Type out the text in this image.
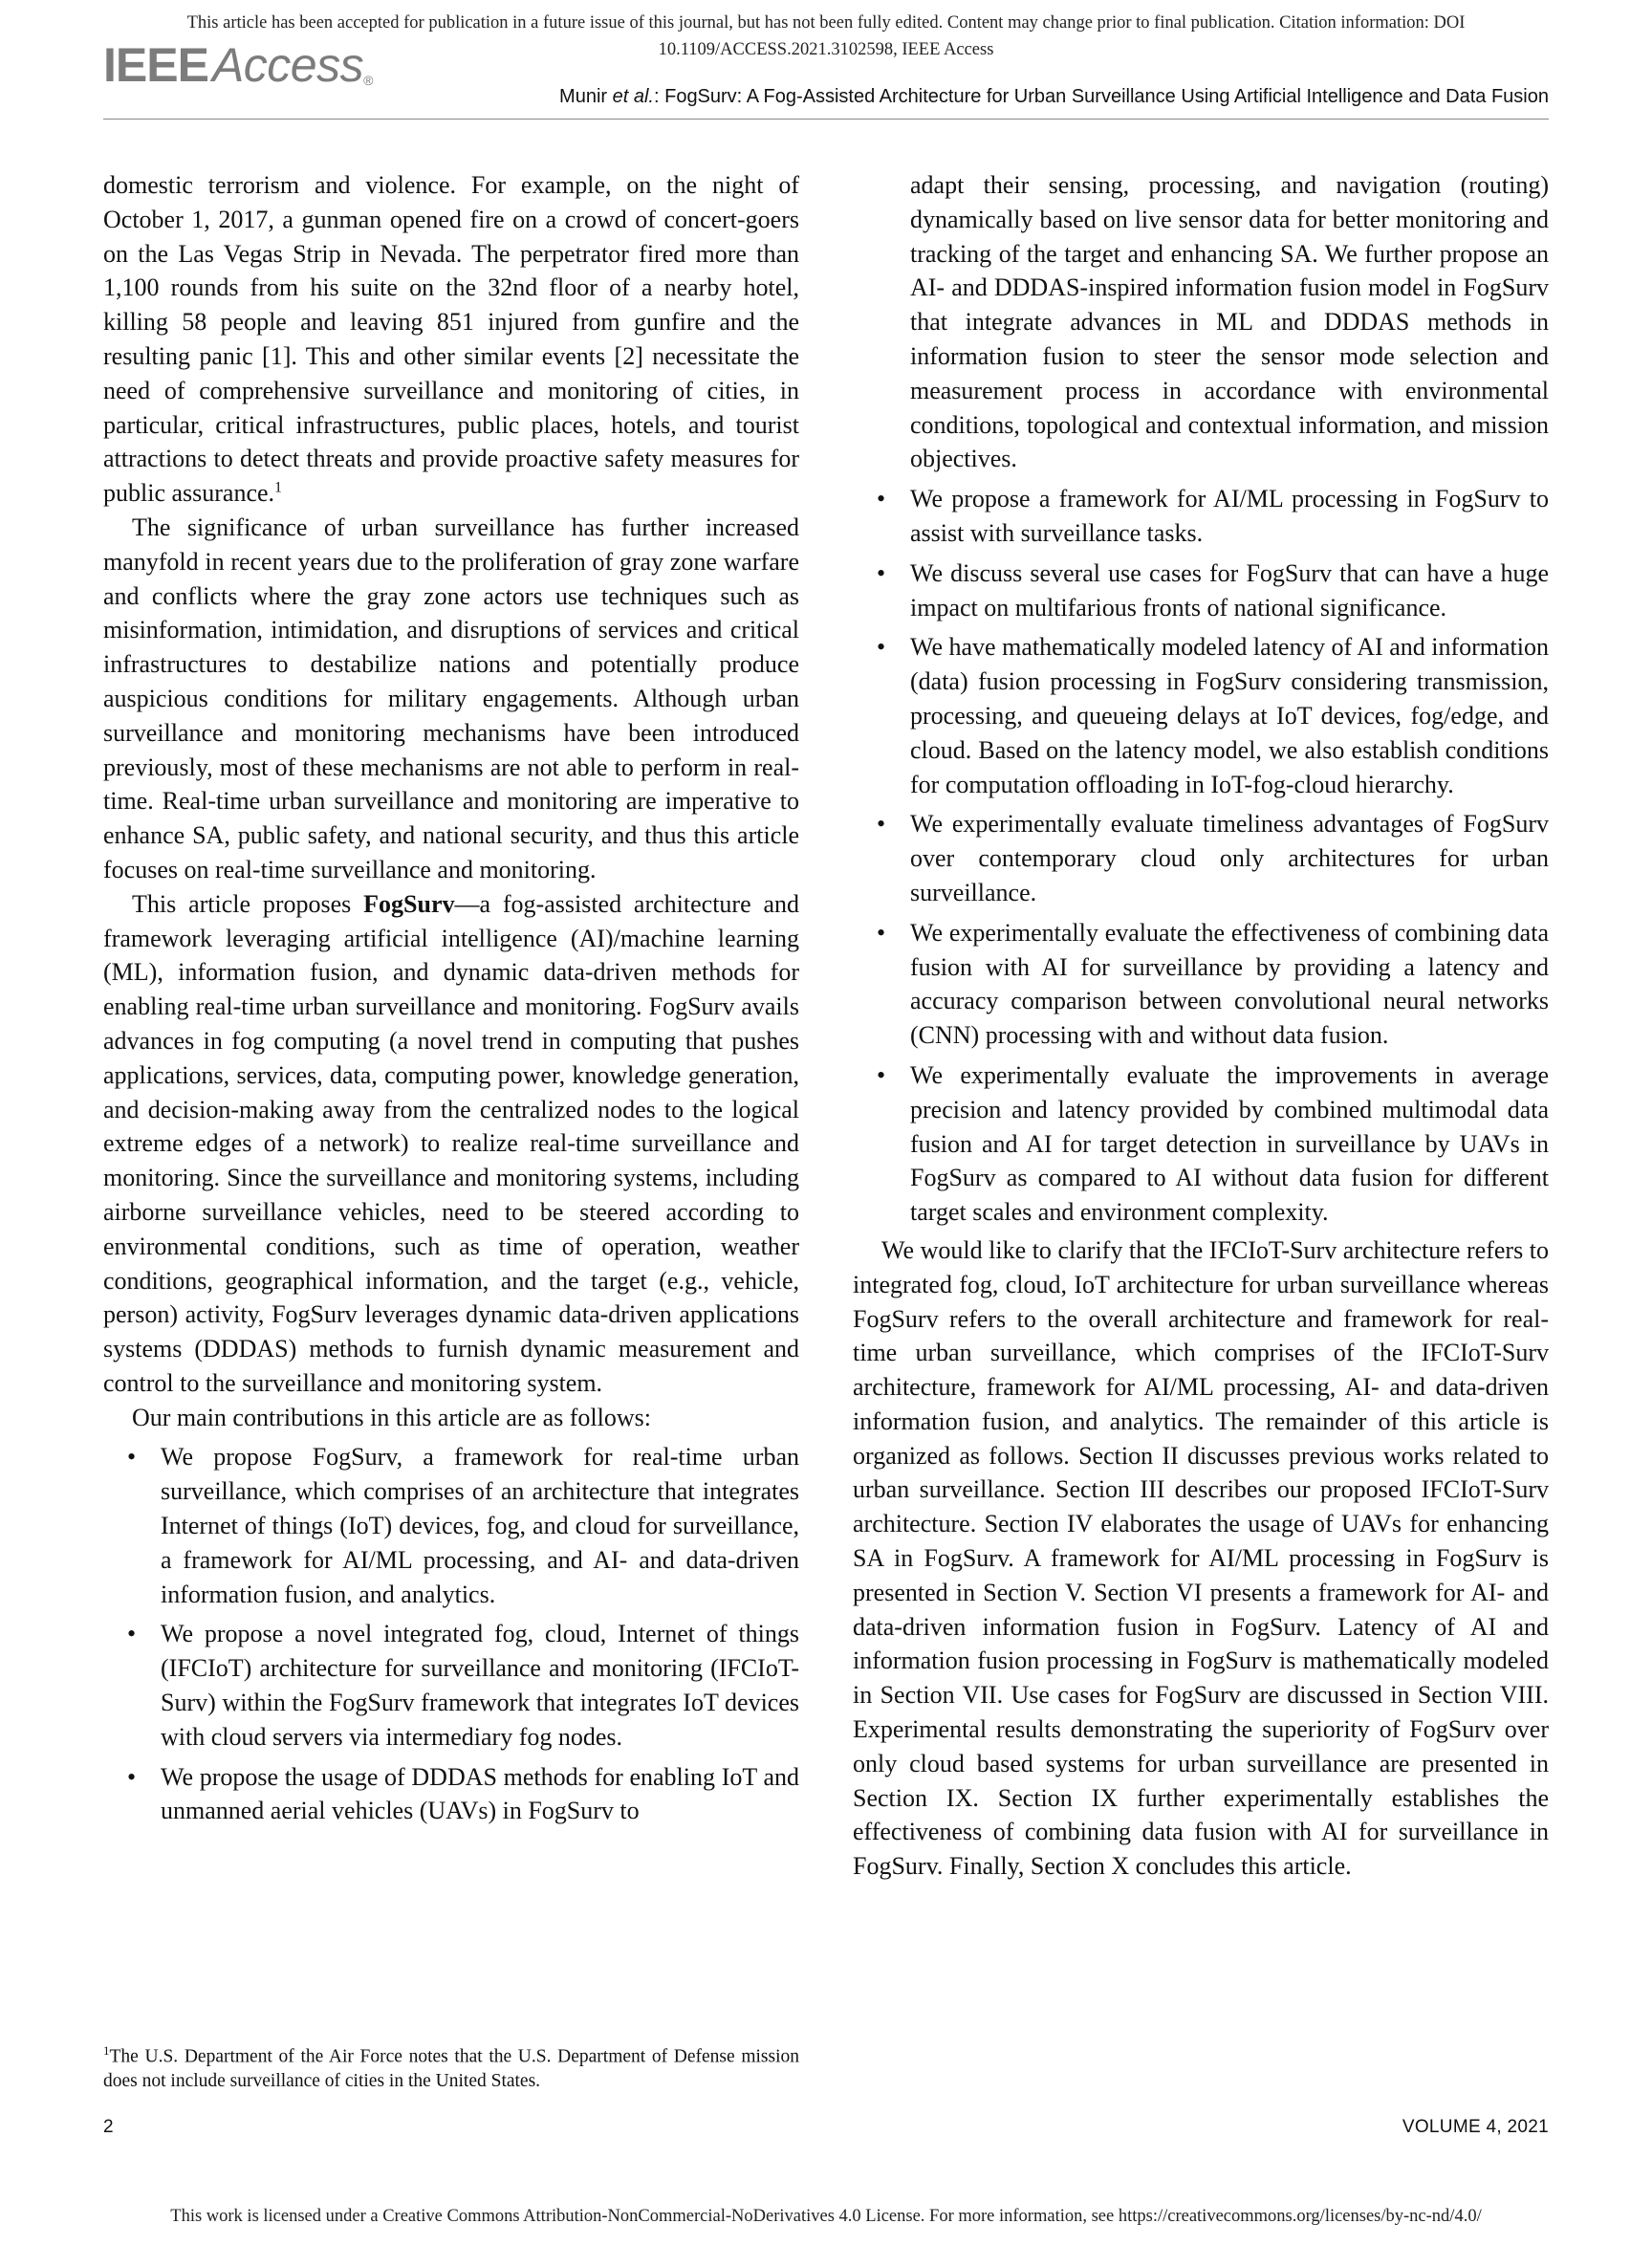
This article has been accepted for publication in a future issue of this journal, but has not been fully edited. Content may change prior to final publication. Citation information: DOI
10.1109/ACCESS.2021.3102598, IEEE Access
IEEEAccess®
Munir et al.: FogSurv: A Fog-Assisted Architecture for Urban Surveillance Using Artificial Intelligence and Data Fusion

domestic terrorism and violence. For example, on the night of October 1, 2017, a gunman opened fire on a crowd of concert-goers on the Las Vegas Strip in Nevada. The perpetrator fired more than 1,100 rounds from his suite on the 32nd floor of a nearby hotel, killing 58 people and leaving 851 injured from gunfire and the resulting panic [1]. This and other similar events [2] necessitate the need of comprehensive surveillance and monitoring of cities, in particular, critical infrastructures, public places, hotels, and tourist attractions to detect threats and provide proactive safety measures for public assurance.$^1$

The significance of urban surveillance has further increased manyfold in recent years due to the proliferation of gray zone warfare and conflicts where the gray zone actors use techniques such as misinformation, intimidation, and disruptions of services and critical infrastructures to destabilize nations and potentially produce auspicious conditions for military engagements. Although urban surveillance and monitoring mechanisms have been introduced previously, most of these mechanisms are not able to perform in real-time. Real-time urban surveillance and monitoring are imperative to enhance SA, public safety, and national security, and thus this article focuses on real-time surveillance and monitoring.

This article proposes FogSurv—a fog-assisted architecture and framework leveraging artificial intelligence (AI)/machine learning (ML), information fusion, and dynamic data-driven methods for enabling real-time urban surveillance and monitoring. FogSurv avails advances in fog computing (a novel trend in computing that pushes applications, services, data, computing power, knowledge generation, and decision-making away from the centralized nodes to the logical extreme edges of a network) to realize real-time surveillance and monitoring. Since the surveillance and monitoring systems, including airborne surveillance vehicles, need to be steered according to environmental conditions, such as time of operation, weather conditions, geographical information, and the target (e.g., vehicle, person) activity, FogSurv leverages dynamic data-driven applications systems (DDDAS) methods to furnish dynamic measurement and control to the surveillance and monitoring system.

Our main contributions in this article are as follows:

• We propose FogSurv, a framework for real-time urban surveillance, which comprises of an architecture that integrates Internet of things (IoT) devices, fog, and cloud for surveillance, a framework for AI/ML processing, and AI- and data-driven information fusion, and analytics.
• We propose a novel integrated fog, cloud, Internet of things (IFCIoT) architecture for surveillance and monitoring (IFCIoT-Surv) within the FogSurv framework that integrates IoT devices with cloud servers via intermediary fog nodes.
• We propose the usage of DDDAS methods for enabling IoT and unmanned aerial vehicles (UAVs) in FogSurv to
$^1$The U.S. Department of the Air Force notes that the U.S. Department of Defense mission does not include surveillance of cities in the United States.

adapt their sensing, processing, and navigation (routing) dynamically based on live sensor data for better monitoring and tracking of the target and enhancing SA. We further propose an AI- and DDDAS-inspired information fusion model in FogSurv that integrate advances in ML and DDDAS methods in information fusion to steer the sensor mode selection and measurement process in accordance with environmental conditions, topological and contextual information, and mission objectives.

• We propose a framework for AI/ML processing in FogSurv to assist with surveillance tasks.
• We discuss several use cases for FogSurv that can have a huge impact on multifarious fronts of national significance.
• We have mathematically modeled latency of AI and information (data) fusion processing in FogSurv considering transmission, processing, and queueing delays at IoT devices, fog/edge, and cloud. Based on the latency model, we also establish conditions for computation offloading in IoT-fog-cloud hierarchy.
• We experimentally evaluate timeliness advantages of FogSurv over contemporary cloud only architectures for urban surveillance.
• We experimentally evaluate the effectiveness of combining data fusion with AI for surveillance by providing a latency and accuracy comparison between convolutional neural networks (CNN) processing with and without data fusion.
• We experimentally evaluate the improvements in average precision and latency provided by combined multimodal data fusion and AI for target detection in surveillance by UAVs in FogSurv as compared to AI without data fusion for different target scales and environment complexity.

We would like to clarify that the IFCIoT-Surv architecture refers to integrated fog, cloud, IoT architecture for urban surveillance whereas FogSurv refers to the overall architecture and framework for real-time urban surveillance, which comprises of the IFCIoT-Surv architecture, framework for AI/ML processing, AI- and data-driven information fusion, and analytics. The remainder of this article is organized as follows. Section II discusses previous works related to urban surveillance. Section III describes our proposed IFCIoT-Surv architecture. Section IV elaborates the usage of UAVs for enhancing SA in FogSurv. A framework for AI/ML processing in FogSurv is presented in Section V. Section VI presents a framework for AI- and data-driven information fusion in FogSurv. Latency of AI and information fusion processing in FogSurv is mathematically modeled in Section VII. Use cases for FogSurv are discussed in Section VIII. Experimental results demonstrating the superiority of FogSurv over only cloud based systems for urban surveillance are presented in Section IX. Section IX further experimentally establishes the effectiveness of combining data fusion with AI for surveillance in FogSurv. Finally, Section X concludes this article.

2	VOLUME 4, 2021
This work is licensed under a Creative Commons Attribution-NonCommercial-NoDerivatives 4.0 License. For more information, see https://creativecommons.org/licenses/by-nc-nd/4.0/
